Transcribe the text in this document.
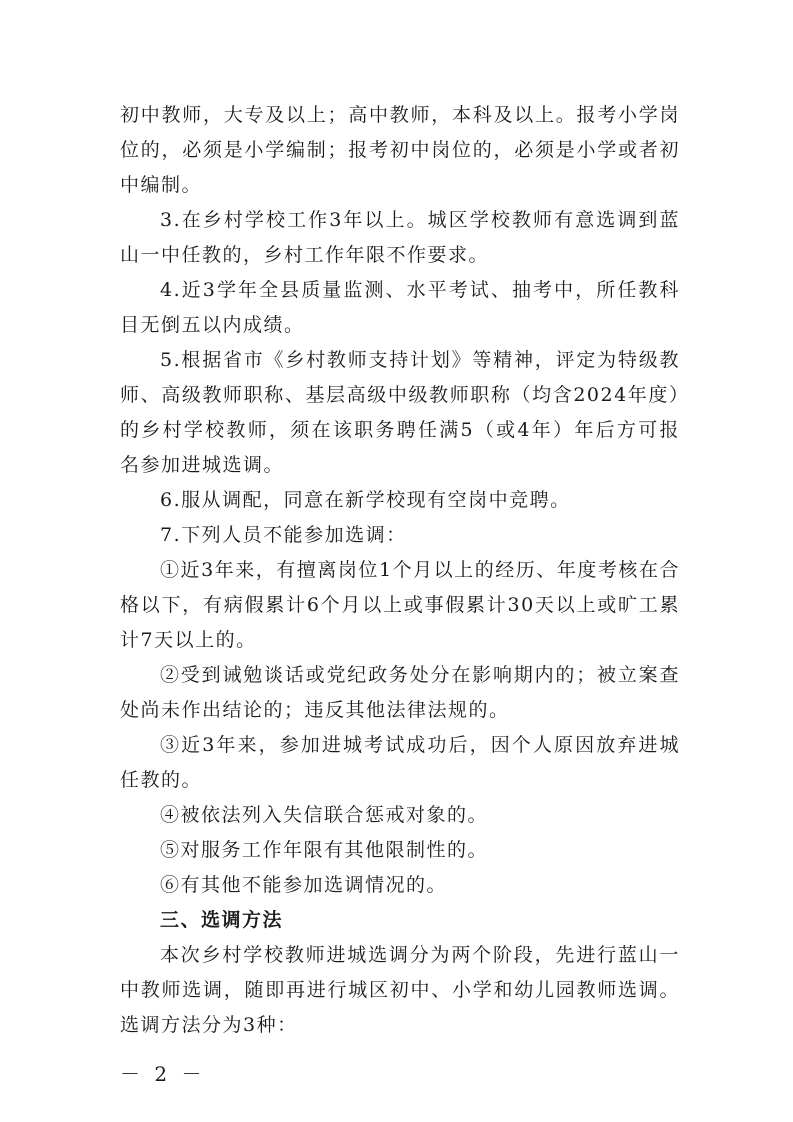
初中教师，大专及以上；高中教师，本科及以上。报考小学岗位的，必须是小学编制；报考初中岗位的，必须是小学或者初中编制。

3.在乡村学校工作3年以上。城区学校教师有意选调到蓝山一中任教的，乡村工作年限不作要求。

4.近3学年全县质量监测、水平考试、抽考中，所任教科目无倒五以内成绩。

5.根据省市《乡村教师支持计划》等精神，评定为特级教师、高级教师职称、基层高级中级教师职称（均含2024年度）的乡村学校教师，须在该职务聘任满5（或4年）年后方可报名参加进城选调。

6.服从调配，同意在新学校现有空岗中竞聘。

7.下列人员不能参加选调：

①近3年来，有擅离岗位1个月以上的经历、年度考核在合格以下，有病假累计6个月以上或事假累计30天以上或旷工累计7天以上的。

②受到诫勉谈话或党纪政务处分在影响期内的；被立案查处尚未作出结论的；违反其他法律法规的。

③近3年来，参加进城考试成功后，因个人原因放弃进城任教的。

④被依法列入失信联合惩戒对象的。

⑤对服务工作年限有其他限制性的。

⑥有其他不能参加选调情况的。

三、选调方法

本次乡村学校教师进城选调分为两个阶段，先进行蓝山一中教师选调，随即再进行城区初中、小学和幼儿园教师选调。选调方法分为3种：

－ 2 －
